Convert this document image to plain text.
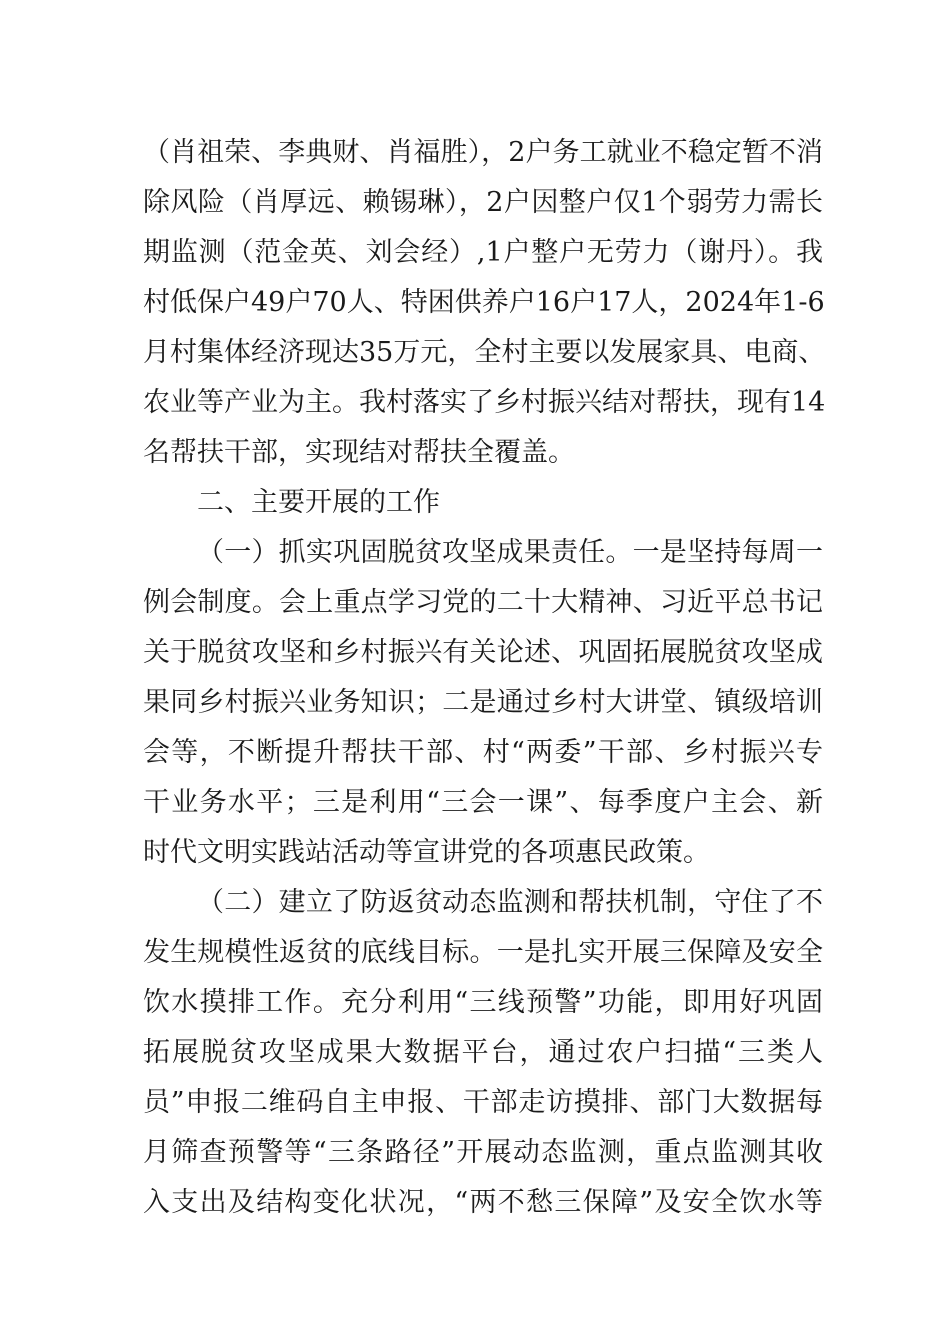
（肖祖荣、李典财、肖福胜），2户务工就业不稳定暂不消
除风险（肖厚远、赖锡琳），2户因整户仅1个弱劳力需长
期监测（范金英、刘会经）,1户整户无劳力（谢丹）。我
村低保户49户70人、特困供养户16户17人，2024年1-6
月村集体经济现达35万元，全村主要以发展家具、电商、
农业等产业为主。我村落实了乡村振兴结对帮扶，现有14
名帮扶干部，实现结对帮扶全覆盖。
二、主要开展的工作
（一）抓实巩固脱贫攻坚成果责任。一是坚持每周一
例会制度。会上重点学习党的二十大精神、习近平总书记
关于脱贫攻坚和乡村振兴有关论述、巩固拓展脱贫攻坚成
果同乡村振兴业务知识；二是通过乡村大讲堂、镇级培训
会等，不断提升帮扶干部、村“两委”干部、乡村振兴专
干业务水平；三是利用“三会一课”、每季度户主会、新
时代文明实践站活动等宣讲党的各项惠民政策。
（二）建立了防返贫动态监测和帮扶机制，守住了不
发生规模性返贫的底线目标。一是扎实开展三保障及安全
饮水摸排工作。充分利用“三线预警”功能，即用好巩固
拓展脱贫攻坚成果大数据平台，通过农户扫描“三类人
员”申报二维码自主申报、干部走访摸排、部门大数据每
月筛查预警等“三条路径”开展动态监测，重点监测其收
入支出及结构变化状况，“两不愁三保障”及安全饮水等
